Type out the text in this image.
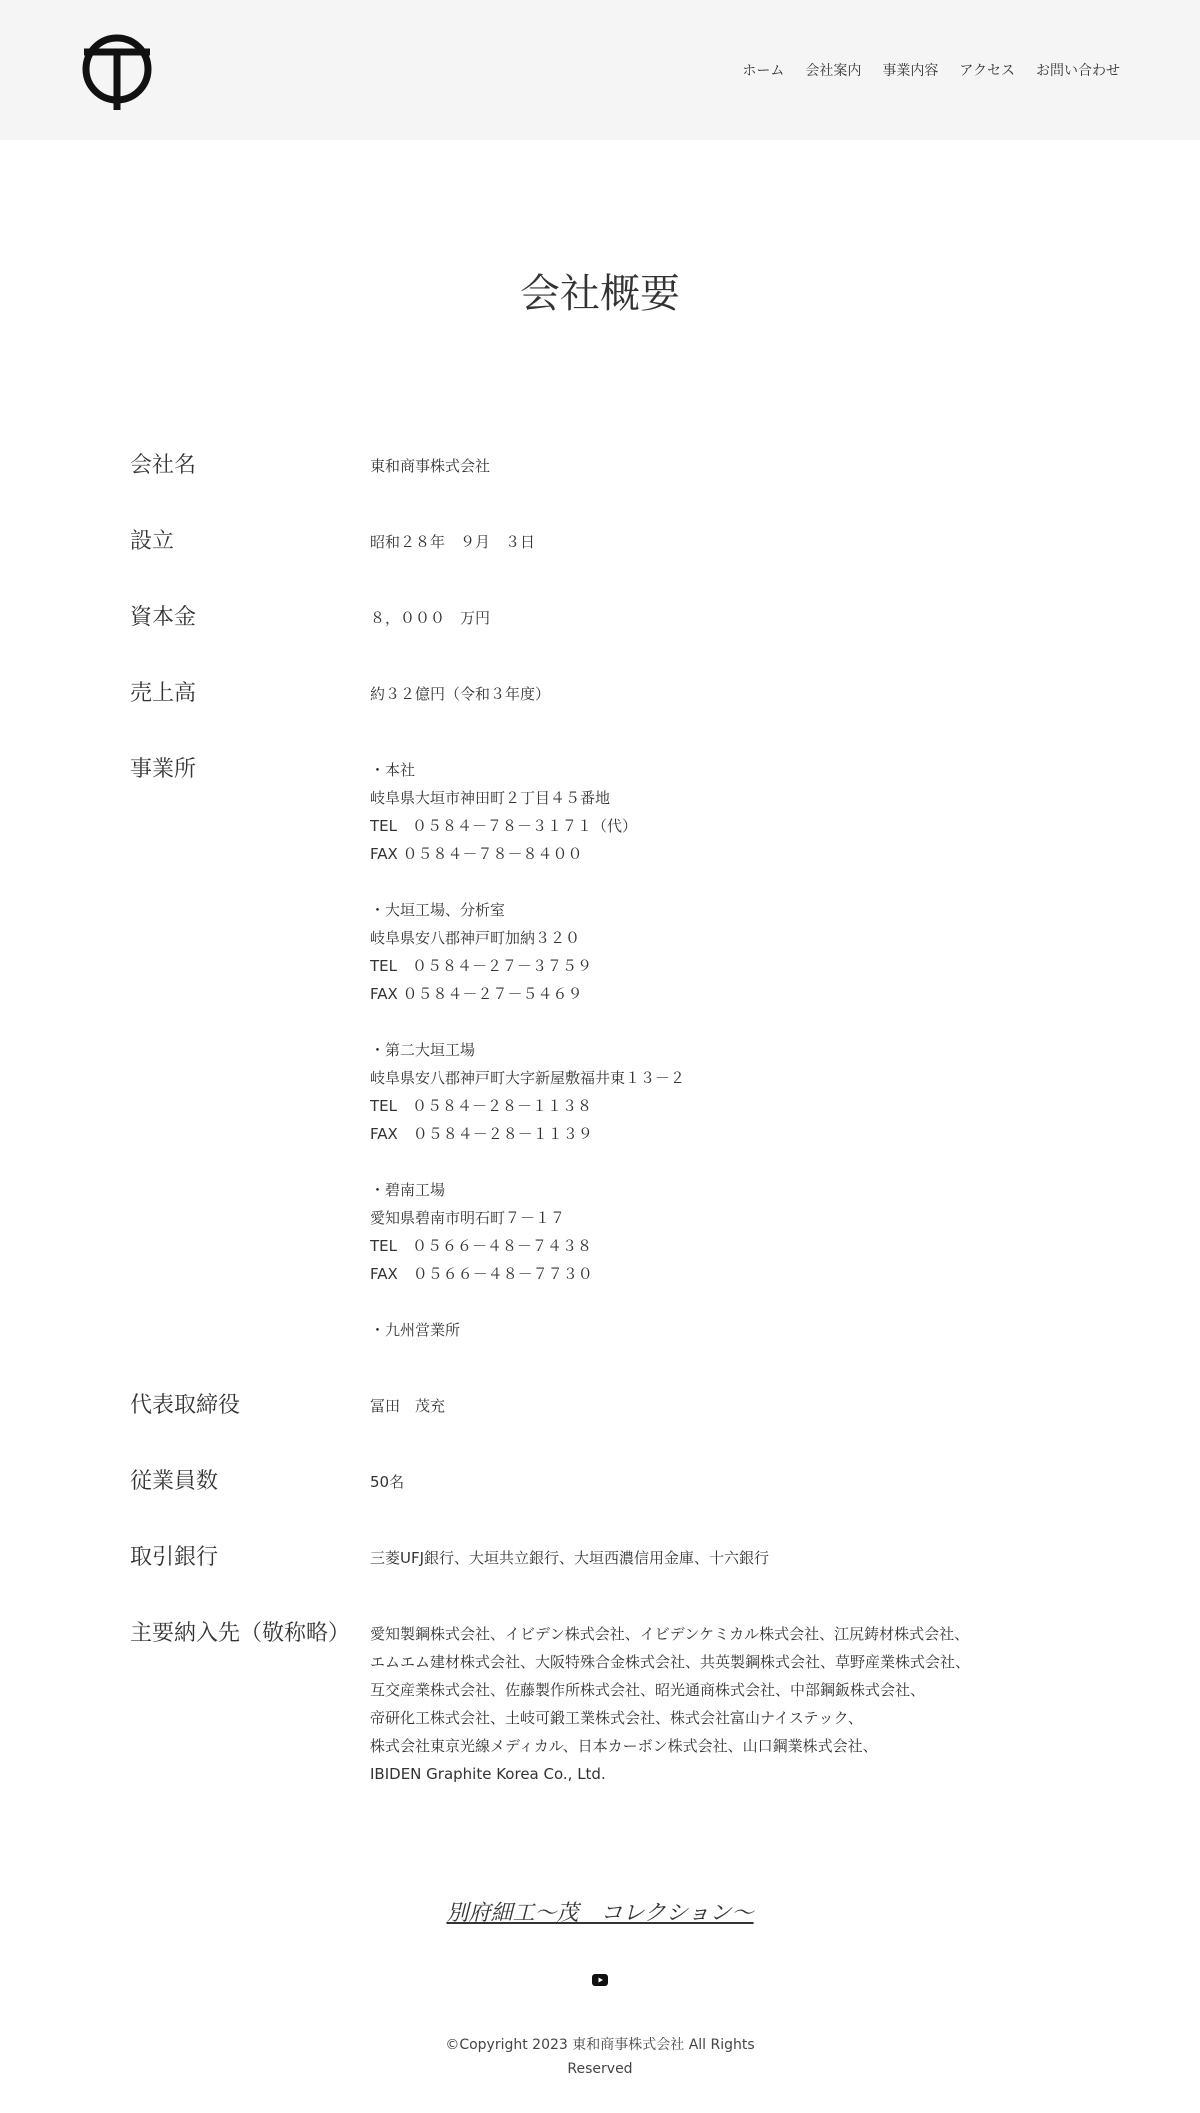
ホーム 会社案内 事業内容 アクセス お問い合わせ
会社概要
会社名	東和商事株式会社
設立	昭和２８年　９月　３日
資本金	８，０００　万円
売上高	約３２億円（令和３年度）
事業所	・本社
岐阜県大垣市神田町２丁目４５番地
TEL　０５８４－７８－３１７１（代）
FAX ０５８４－７８－８４００
・大垣工場、分析室
岐阜県安八郡神戸町加納３２０
TEL　０５８４－２７－３７５９
FAX ０５８４－２７－５４６９
・第二大垣工場
岐阜県安八郡神戸町大字新屋敷福井東１３－２
TEL　０５８４－２８－１１３８
FAX　０５８４－２８－１１３９
・碧南工場
愛知県碧南市明石町７－１７
TEL　０５６６－４８－７４３８
FAX　０５６６－４８－７７３０
・九州営業所
代表取締役	冨田　茂充
従業員数	50名
取引銀行	三菱UFJ銀行、大垣共立銀行、大垣西濃信用金庫、十六銀行
主要納入先（敬称略） 愛知製鋼株式会社、イビデン株式会社、イビデンケミカル株式会社、江尻鋳材株式会社、
エムエム建材株式会社、大阪特殊合金株式会社、共英製鋼株式会社、草野産業株式会社、
互交産業株式会社、佐藤製作所株式会社、昭光通商株式会社、中部鋼鈑株式会社、
帝研化工株式会社、土岐可鍛工業株式会社、株式会社富山ナイステック、
株式会社東京光線メディカル、日本カーボン株式会社、山口鋼業株式会社、
IBIDEN Graphite Korea Co., Ltd.
別府細工〜茂　コレクション〜
©Copyright 2023 東和商事株式会社 All Rights
Reserved
